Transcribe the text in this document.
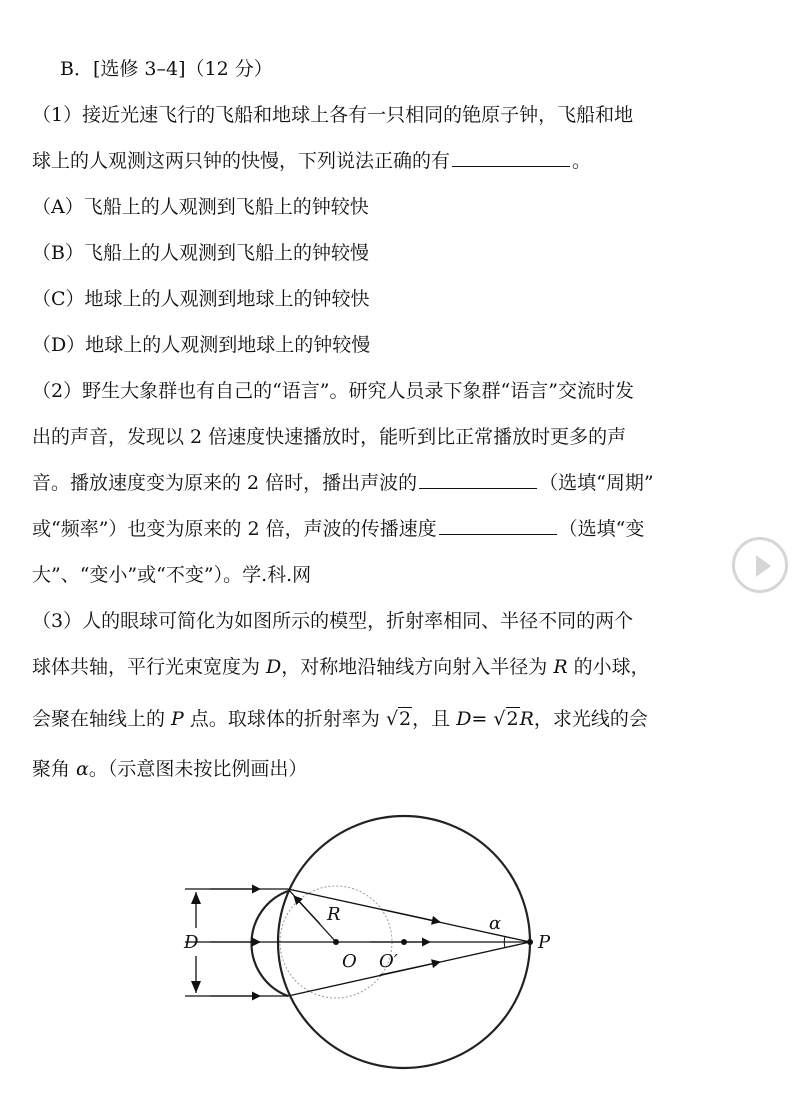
B．[选修 3–4]（12 分）
（1）接近光速飞行的飞船和地球上各有一只相同的铯原子钟，飞船和地
球上的人观测这两只钟的快慢，下列说法正确的有	。
（A）飞船上的人观测到飞船上的钟较快
（B）飞船上的人观测到飞船上的钟较慢
（C）地球上的人观测到地球上的钟较快
（D）地球上的人观测到地球上的钟较慢
（2）野生大象群也有自己的“语言”。研究人员录下象群“语言”交流时发
出的声音，发现以 2 倍速度快速播放时，能听到比正常播放时更多的声
音。播放速度变为原来的 2 倍时，播出声波的	（选填“周期”
或“频率”）也变为原来的 2 倍，声波的传播速度	（选填“变
大”、“变小”或“不变”）。学.科.网
（3）人的眼球可简化为如图所示的模型，折射率相同、半径不同的两个
球体共轴，平行光束宽度为 D，对称地沿轴线方向射入半径为 R 的小球，
会聚在轴线上的 P 点。取球体的折射率为 √2，且 D= √2R，求光线的会
聚角 α。（示意图未按比例画出）
D
R
O O′
P
α
